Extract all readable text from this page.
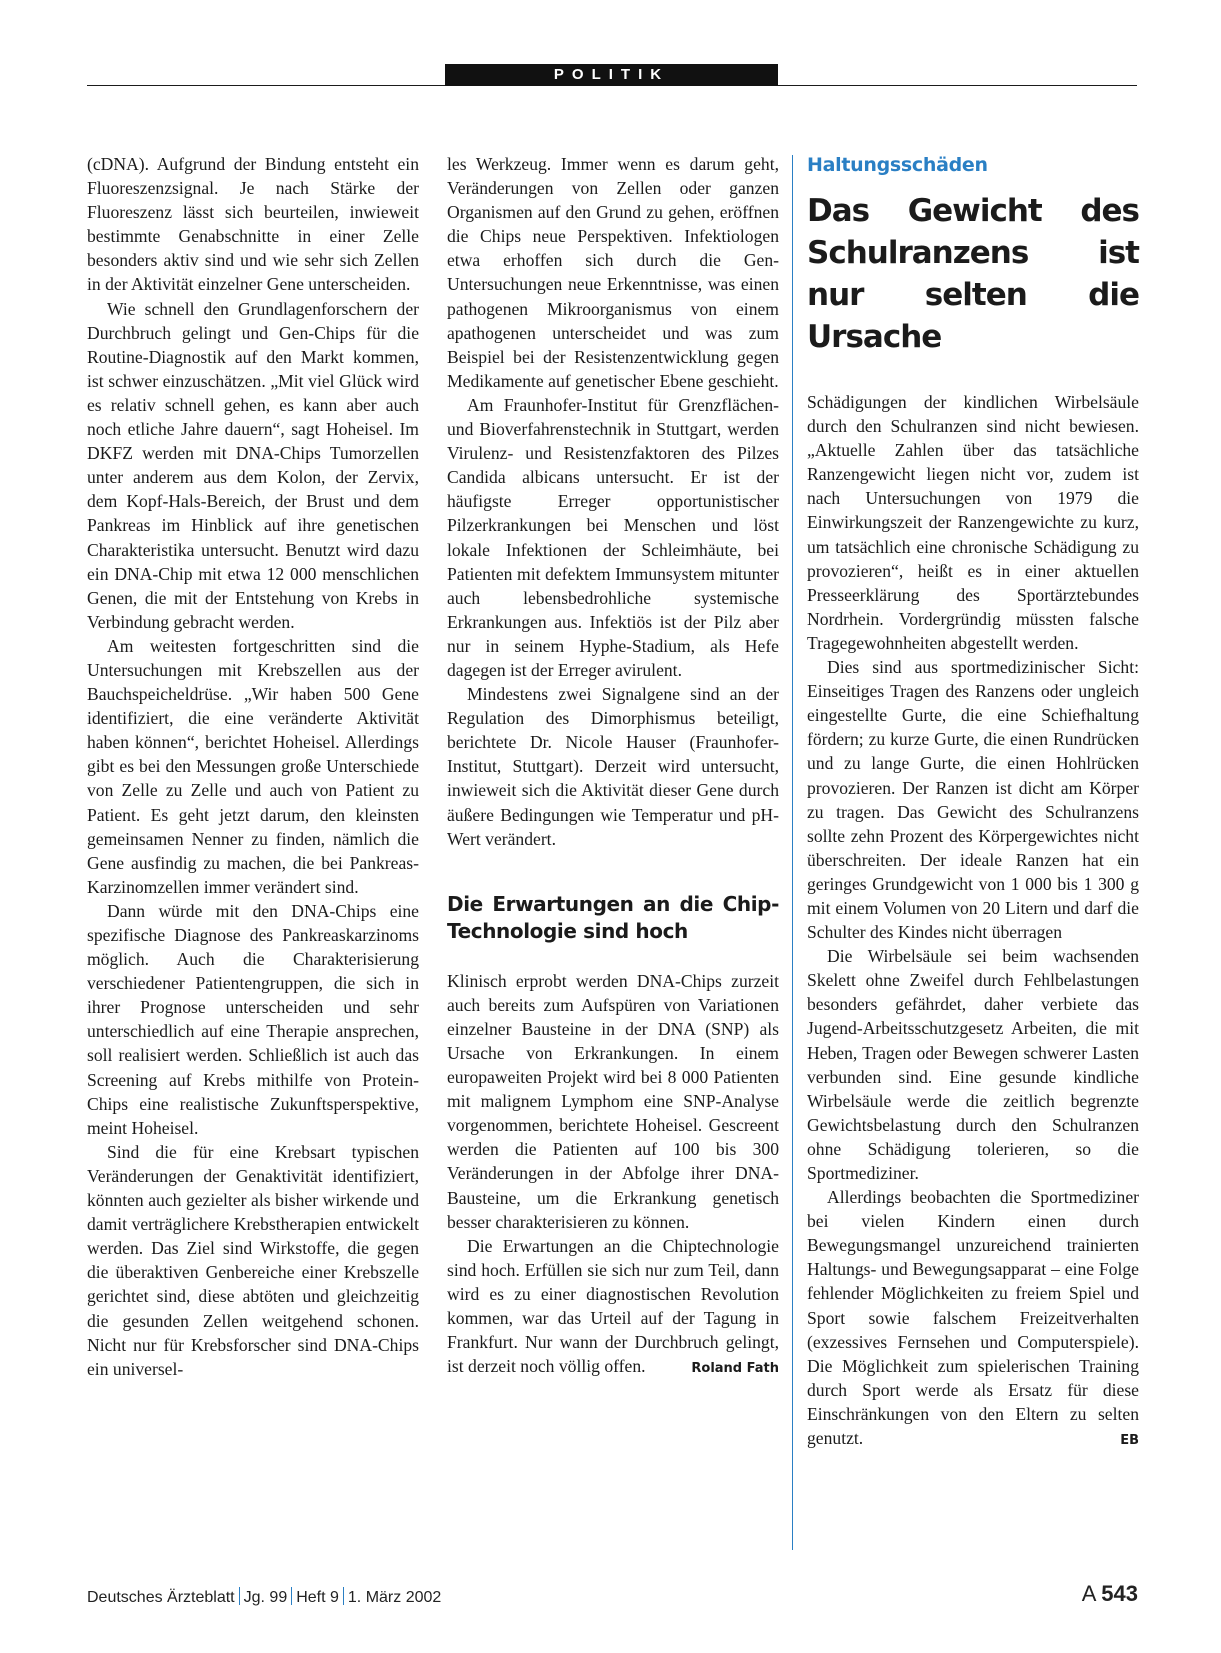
POLITIK

(cDNA). Aufgrund der Bindung entsteht ein Fluoreszenzsignal. Je nach Stärke der Fluoreszenz lässt sich beurteilen, inwieweit bestimmte Genabschnitte in einer Zelle besonders aktiv sind und wie sehr sich Zellen in der Aktivität einzelner Gene unterscheiden.

Wie schnell den Grundlagenforschern der Durchbruch gelingt und Gen-Chips für die Routine-Diagnostik auf den Markt kommen, ist schwer einzuschätzen. „Mit viel Glück wird es relativ schnell gehen, es kann aber auch noch etliche Jahre dauern“, sagt Hoheisel. Im DKFZ werden mit DNA-Chips Tumorzellen unter anderem aus dem Kolon, der Zervix, dem Kopf-Hals-Bereich, der Brust und dem Pankreas im Hinblick auf ihre genetischen Charakteristika untersucht. Benutzt wird dazu ein DNA-Chip mit etwa 12 000 menschlichen Genen, die mit der Entstehung von Krebs in Verbindung gebracht werden.

Am weitesten fortgeschritten sind die Untersuchungen mit Krebszellen aus der Bauchspeicheldrüse. „Wir haben 500 Gene identifiziert, die eine veränderte Aktivität haben können“, berichtet Hoheisel. Allerdings gibt es bei den Messungen große Unterschiede von Zelle zu Zelle und auch von Patient zu Patient. Es geht jetzt darum, den kleinsten gemeinsamen Nenner zu finden, nämlich die Gene ausfindig zu machen, die bei Pankreas-Karzinomzellen immer verändert sind.

Dann würde mit den DNA-Chips eine spezifische Diagnose des Pankreaskarzinoms möglich. Auch die Charakterisierung verschiedener Patientengruppen, die sich in ihrer Prognose unterscheiden und sehr unterschiedlich auf eine Therapie ansprechen, soll realisiert werden. Schließlich ist auch das Screening auf Krebs mithilfe von Protein-Chips eine realistische Zukunftsperspektive, meint Hoheisel.

Sind die für eine Krebsart typischen Veränderungen der Genaktivität identifiziert, könnten auch gezielter als bisher wirkende und damit verträglichere Krebstherapien entwickelt werden. Das Ziel sind Wirkstoffe, die gegen die überaktiven Genbereiche einer Krebszelle gerichtet sind, diese abtöten und gleichzeitig die gesunden Zellen weitgehend schonen. Nicht nur für Krebsforscher sind DNA-Chips ein universel-

les Werkzeug. Immer wenn es darum geht, Veränderungen von Zellen oder ganzen Organismen auf den Grund zu gehen, eröffnen die Chips neue Perspektiven. Infektiologen etwa erhoffen sich durch die Gen-Untersuchungen neue Erkenntnisse, was einen pathogenen Mikroorganismus von einem apathogenen unterscheidet und was zum Beispiel bei der Resistenzentwicklung gegen Medikamente auf genetischer Ebene geschieht.

Am Fraunhofer-Institut für Grenzflächen- und Bioverfahrenstechnik in Stuttgart, werden Virulenz- und Resistenzfaktoren des Pilzes Candida albicans untersucht. Er ist der häufigste Erreger opportunistischer Pilzerkrankungen bei Menschen und löst lokale Infektionen der Schleimhäute, bei Patienten mit defektem Immunsystem mitunter auch lebensbedrohliche systemische Erkrankungen aus. Infektiös ist der Pilz aber nur in seinem Hyphe-Stadium, als Hefe dagegen ist der Erreger avirulent.

Mindestens zwei Signalgene sind an der Regulation des Dimorphismus beteiligt, berichtete Dr. Nicole Hauser (Fraunhofer-Institut, Stuttgart). Derzeit wird untersucht, inwieweit sich die Aktivität dieser Gene durch äußere Bedingungen wie Temperatur und pH-Wert verändert.

Die Erwartungen an die Chip-Technologie sind hoch

Klinisch erprobt werden DNA-Chips zurzeit auch bereits zum Aufspüren von Variationen einzelner Bausteine in der DNA (SNP) als Ursache von Erkrankungen. In einem europaweiten Projekt wird bei 8 000 Patienten mit malignem Lymphom eine SNP-Analyse vorgenommen, berichtete Hoheisel. Gescreent werden die Patienten auf 100 bis 300 Veränderungen in der Abfolge ihrer DNA-Bausteine, um die Erkrankung genetisch besser charakterisieren zu können.

Die Erwartungen an die Chiptechnologie sind hoch. Erfüllen sie sich nur zum Teil, dann wird es zu einer diagnostischen Revolution kommen, war das Urteil auf der Tagung in Frankfurt. Nur wann der Durchbruch gelingt, ist derzeit noch völlig offen.	Roland Fath

Haltungsschäden
Das Gewicht des Schulranzens ist nur selten die Ursache

Schädigungen der kindlichen Wirbelsäule durch den Schulranzen sind nicht bewiesen. „Aktuelle Zahlen über das tatsächliche Ranzengewicht liegen nicht vor, zudem ist nach Untersuchungen von 1979 die Einwirkungszeit der Ranzengewichte zu kurz, um tatsächlich eine chronische Schädigung zu provozieren“, heißt es in einer aktuellen Presseerklärung des Sportärztebundes Nordrhein. Vordergründig müssten falsche Tragegewohnheiten abgestellt werden.

Dies sind aus sportmedizinischer Sicht: Einseitiges Tragen des Ranzens oder ungleich eingestellte Gurte, die eine Schiefhaltung fördern; zu kurze Gurte, die einen Rundrücken und zu lange Gurte, die einen Hohlrücken provozieren. Der Ranzen ist dicht am Körper zu tragen. Das Gewicht des Schulranzens sollte zehn Prozent des Körpergewichtes nicht überschreiten. Der ideale Ranzen hat ein geringes Grundgewicht von 1 000 bis 1 300 g mit einem Volumen von 20 Litern und darf die Schulter des Kindes nicht überragen

Die Wirbelsäule sei beim wachsenden Skelett ohne Zweifel durch Fehlbelastungen besonders gefährdet, daher verbiete das Jugend-Arbeitsschutzgesetz Arbeiten, die mit Heben, Tragen oder Bewegen schwerer Lasten verbunden sind. Eine gesunde kindliche Wirbelsäule werde die zeitlich begrenzte Gewichtsbelastung durch den Schulranzen ohne Schädigung tolerieren, so die Sportmediziner.

Allerdings beobachten die Sportmediziner bei vielen Kindern einen durch Bewegungsmangel unzureichend trainierten Haltungs- und Bewegungsapparat – eine Folge fehlender Möglichkeiten zu freiem Spiel und Sport sowie falschem Freizeitverhalten (exzessives Fernsehen und Computerspiele). Die Möglichkeit zum spielerischen Training durch Sport werde als Ersatz für diese Einschränkungen von den Eltern zu selten genutzt.	EB

Deutsches Ärzteblatt Jg. 99 Heft 9 1. März 2002	A 543
